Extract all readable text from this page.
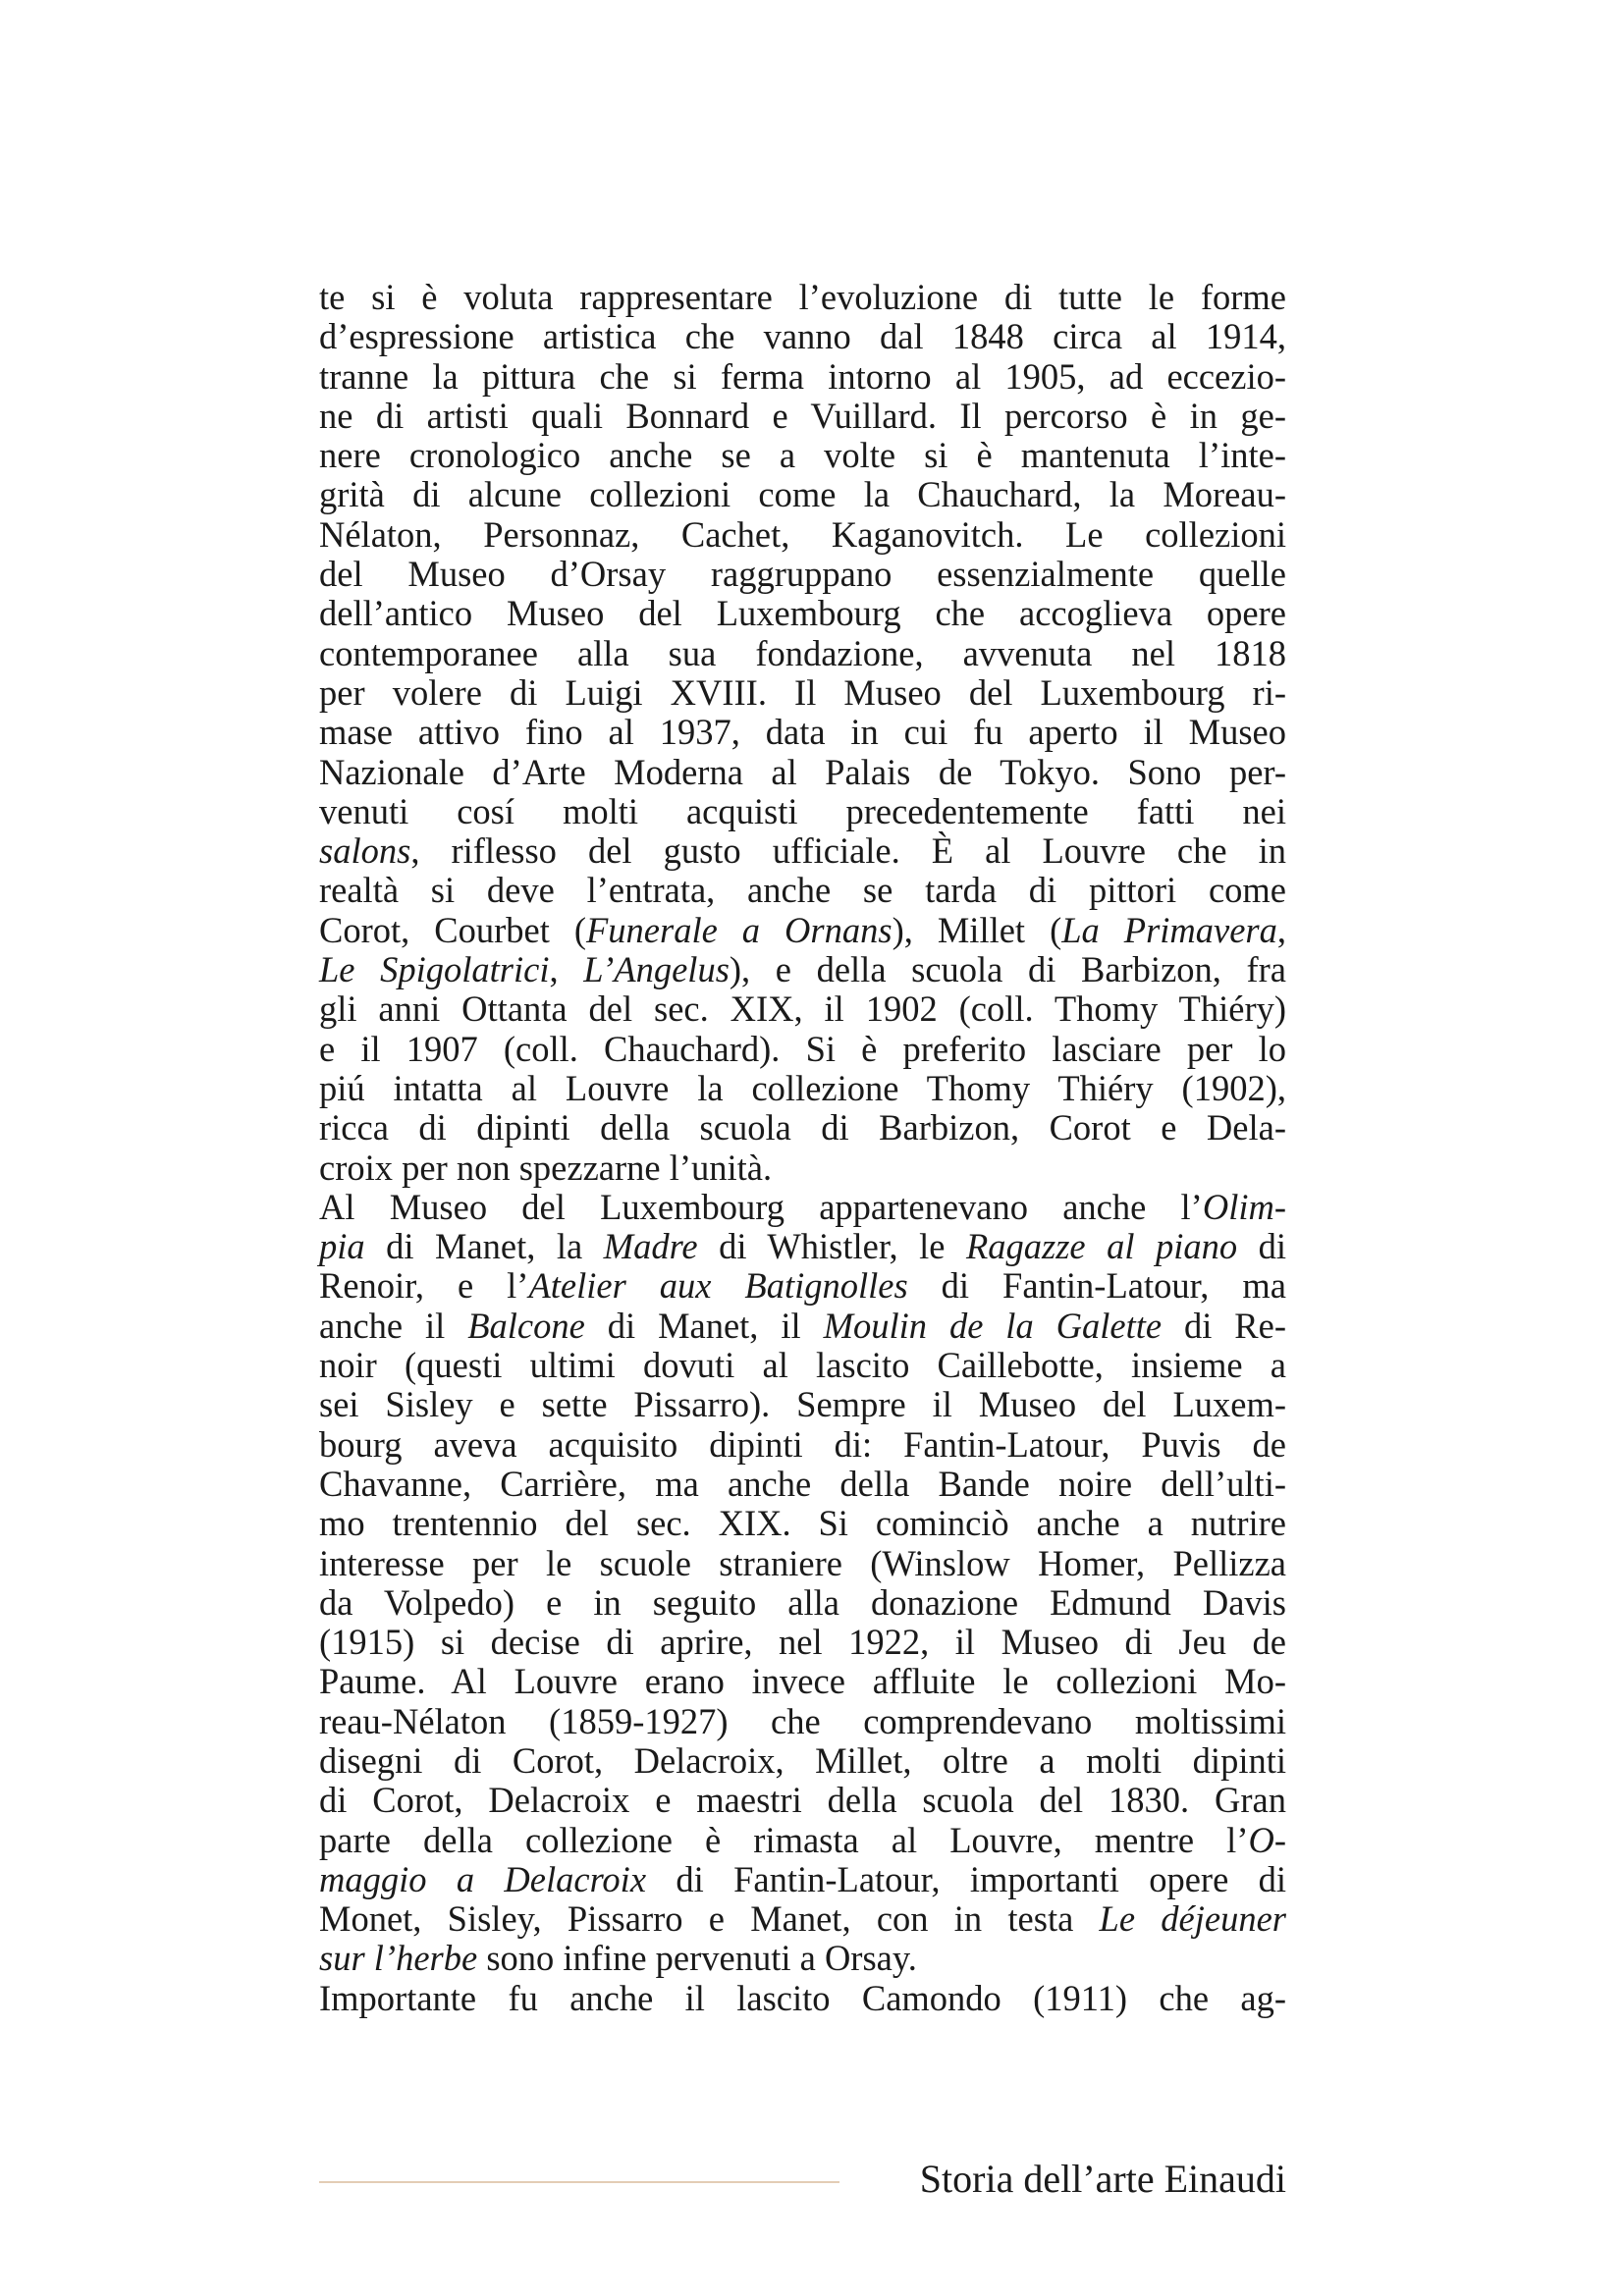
te si è voluta rappresentare l’evoluzione di tutte le forme
d’espressione artistica che vanno dal 1848 circa al 1914,
tranne la pittura che si ferma intorno al 1905, ad eccezio-
ne di artisti quali Bonnard e Vuillard. Il percorso è in ge-
nere cronologico anche se a volte si è mantenuta l’inte-
grità di alcune collezioni come la Chauchard, la Moreau-
Nélaton, Personnaz, Cachet, Kaganovitch. Le collezioni
del Museo d’Orsay raggruppano essenzialmente quelle
dell’antico Museo del Luxembourg che accoglieva opere
contemporanee alla sua fondazione, avvenuta nel 1818
per volere di Luigi XVIII. Il Museo del Luxembourg ri-
mase attivo fino al 1937, data in cui fu aperto il Museo
Nazionale d’Arte Moderna al Palais de Tokyo. Sono per-
venuti cosí molti acquisti precedentemente fatti nei
salons, riflesso del gusto ufficiale. È al Louvre che in
realtà si deve l’entrata, anche se tarda di pittori come
Corot, Courbet (Funerale a Ornans), Millet (La Primavera,
Le Spigolatrici, L’Angelus), e della scuola di Barbizon, fra
gli anni Ottanta del sec. XIX, il 1902 (coll. Thomy Thiéry)
e il 1907 (coll. Chauchard). Si è preferito lasciare per lo
piú intatta al Louvre la collezione Thomy Thiéry (1902),
ricca di dipinti della scuola di Barbizon, Corot e Dela-
croix per non spezzarne l’unità.
Al Museo del Luxembourg appartenevano anche l’Olim-
pia di Manet, la Madre di Whistler, le Ragazze al piano di
Renoir, e l’Atelier aux Batignolles di Fantin-Latour, ma
anche il Balcone di Manet, il Moulin de la Galette di Re-
noir (questi ultimi dovuti al lascito Caillebotte, insieme a
sei Sisley e sette Pissarro). Sempre il Museo del Luxem-
bourg aveva acquisito dipinti di: Fantin-Latour, Puvis de
Chavanne, Carrière, ma anche della Bande noire dell’ulti-
mo trentennio del sec. XIX. Si cominciò anche a nutrire
interesse per le scuole straniere (Winslow Homer, Pellizza
da Volpedo) e in seguito alla donazione Edmund Davis
(1915) si decise di aprire, nel 1922, il Museo di Jeu de
Paume. Al Louvre erano invece affluite le collezioni Mo-
reau-Nélaton (1859-1927) che comprendevano moltissimi
disegni di Corot, Delacroix, Millet, oltre a molti dipinti
di Corot, Delacroix e maestri della scuola del 1830. Gran
parte della collezione è rimasta al Louvre, mentre l’O-
maggio a Delacroix di Fantin-Latour, importanti opere di
Monet, Sisley, Pissarro e Manet, con in testa Le déjeuner
sur l’herbe sono infine pervenuti a Orsay.
Importante fu anche il lascito Camondo (1911) che ag-
Storia dell’arte Einaudi
